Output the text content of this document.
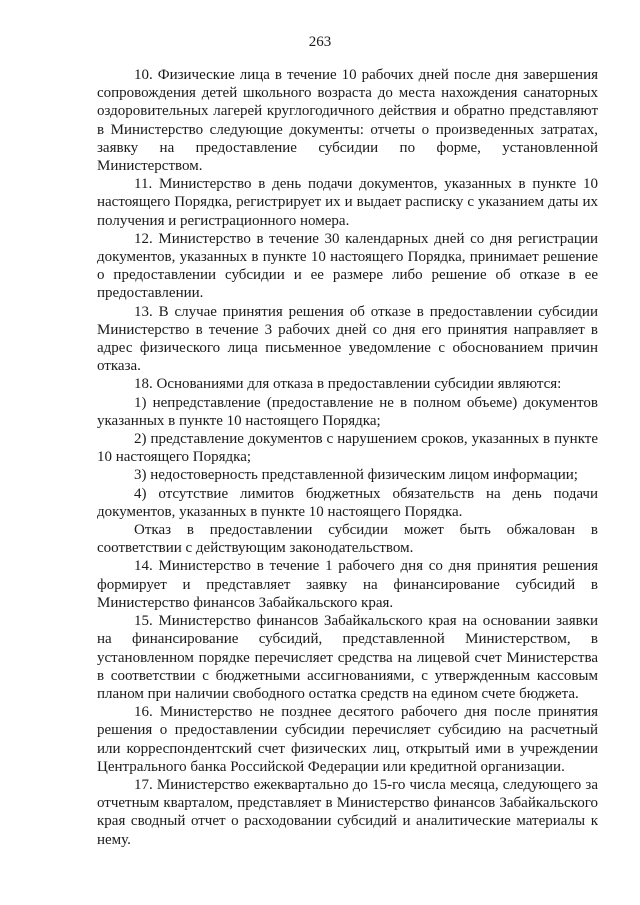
263

10. Физические лица в течение 10 рабочих дней после дня завершения сопровождения детей школьного возраста до места нахождения санаторных оздоровительных лагерей круглогодичного действия и обратно представляют в Министерство следующие документы: отчеты о произведенных затратах, заявку на предоставление субсидии по форме, установленной Министерством.

11. Министерство в день подачи документов, указанных в пункте 10 настоящего Порядка, регистрирует их и выдает расписку с указанием даты их получения и регистрационного номера.

12. Министерство в течение 30 календарных дней со дня регистрации документов, указанных в пункте 10 настоящего Порядка, принимает решение о предоставлении субсидии и ее размере либо решение об отказе в ее предоставлении.

13. В случае принятия решения об отказе в предоставлении субсидии Министерство в течение 3 рабочих дней со дня его принятия направляет в адрес физического лица письменное уведомление с обоснованием причин отказа.

18. Основаниями для отказа в предоставлении субсидии являются:

1) непредставление (предоставление не в полном объеме) документов указанных в пункте 10 настоящего Порядка;

2) представление документов с нарушением сроков, указанных в пункте 10 настоящего Порядка;

3) недостоверность представленной физическим лицом информации;

4) отсутствие лимитов бюджетных обязательств на день подачи документов, указанных в пункте 10 настоящего Порядка.

Отказ в предоставлении субсидии может быть обжалован в соответствии с действующим законодательством.

14. Министерство в течение 1 рабочего дня со дня принятия решения формирует и представляет заявку на финансирование субсидий в Министерство финансов Забайкальского края.

15. Министерство финансов Забайкальского края на основании заявки на финансирование субсидий, представленной Министерством, в установленном порядке перечисляет средства на лицевой счет Министерства в соответствии с бюджетными ассигнованиями, с утвержденным кассовым планом при наличии свободного остатка средств на едином счете бюджета.

16. Министерство не позднее десятого рабочего дня после принятия решения о предоставлении субсидии перечисляет субсидию на расчетный или корреспондентский счет физических лиц, открытый ими в учреждении Центрального банка Российской Федерации или кредитной организации.

17. Министерство ежеквартально до 15-го числа месяца, следующего за отчетным кварталом, представляет в Министерство финансов Забайкальского края сводный отчет о расходовании субсидий и аналитические материалы к нему.
